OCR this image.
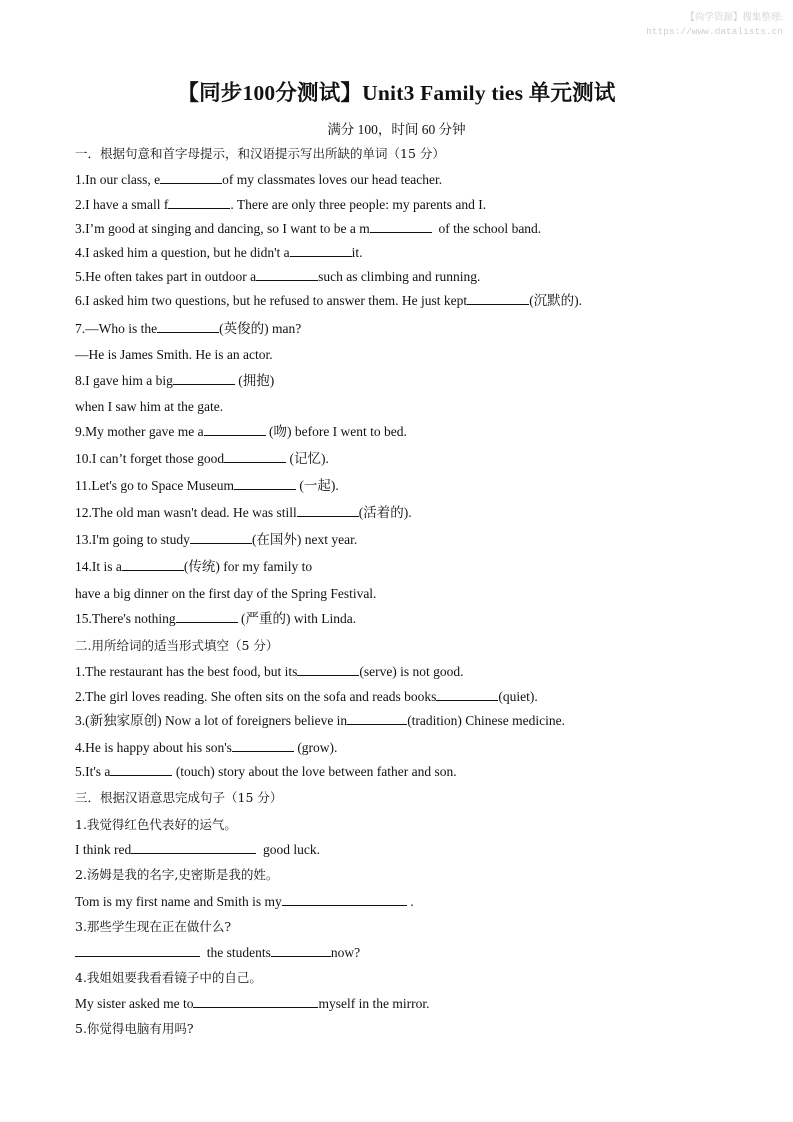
【尚学资源】搜集整理:
https://www.datalists.cn
【同步100分测试】Unit3 Family ties 单元测试
满分 100，时间 60 分钟
一．根据句意和首字母提示，和汉语提示写出所缺的单词（15 分）
1.In our class, e	of my classmates loves our head teacher.
2.I have a small f	. There are only three people: my parents and I.
3.I’m good at singing and dancing, so I want to be a m	of the school band.
4.I asked him a question, but he didn't a	it.
5.He often takes part in outdoor a	such as climbing and running.
6.I asked him two questions, but he refused to answer them. He just kept	(沉默的).
7.—Who is the	(英俊的) man?
—He is James Smith. He is an actor.
8.I gave him a big	(拥抱)
when I saw him at the gate.
9.My mother gave me a	(吻) before I went to bed.
10.I can’t forget those good	(记忆).
11.Let's go to Space Museum	(一起).
12.The old man wasn't dead. He was still	(活着的).
13.I'm going to study	(在国外) next year.
14.It is a	(传统) for my family to
have a big dinner on the first day of the Spring Festival.
15.There's nothing	(严重的) with Linda.
二.用所给词的适当形式填空（5 分）
1.The restaurant has the best food, but its	(serve) is not good.
2.The girl loves reading. She often sits on the sofa and reads books	(quiet).
3.(新独家原创) Now a lot of foreigners believe in	(tradition) Chinese medicine.
4.He is happy about his son's	(grow).
5.It's a	(touch) story about the love between father and son.
三．根据汉语意思完成句子（15 分）
1.我觉得红色代表好的运气。
I think red	good luck.
2.汤姆是我的名字,史密斯是我的姓。
Tom is my first name and Smith is my	.
3.那些学生现在正在做什么?
the students	now?
4.我姐姐要我看看镜子中的自己。
My sister asked me to	myself in the mirror.
5.你觉得电脑有用吗?
